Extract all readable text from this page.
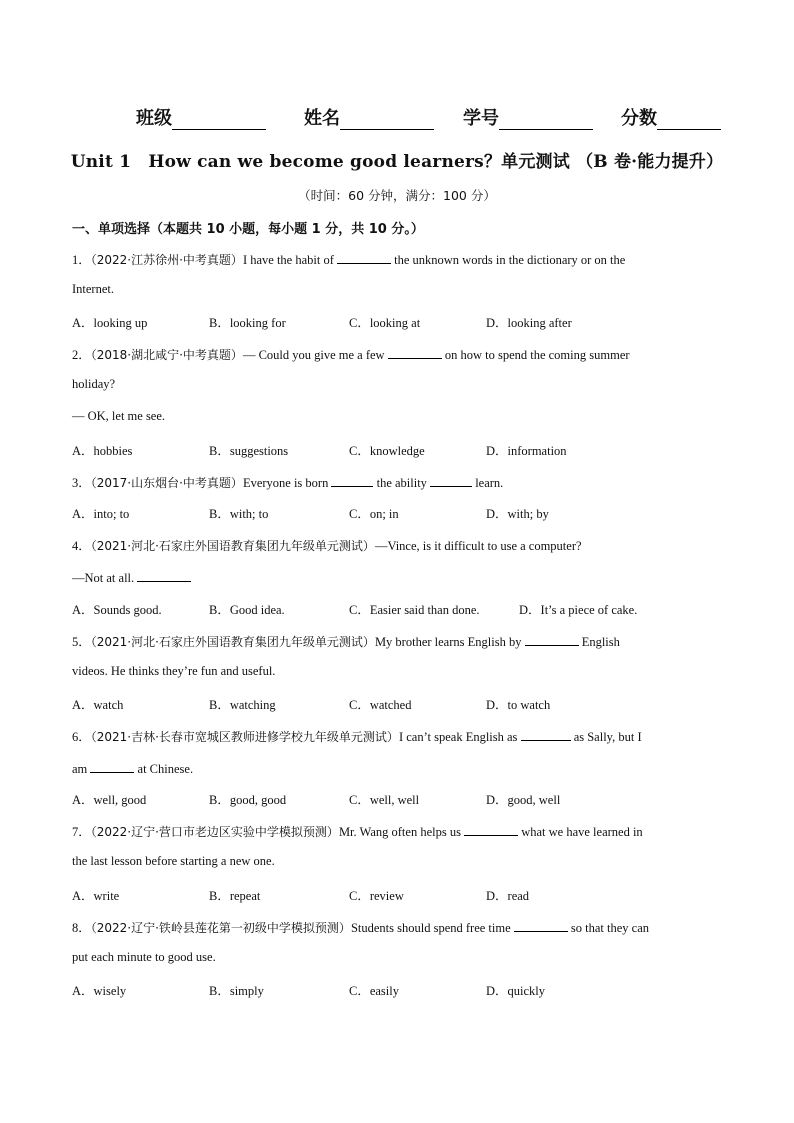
班级	姓名	学号	分数
Unit 1　How can we become good learners？单元测试 （B 卷·能力提升）
（时间：60 分钟，满分：100 分）
一、单项选择（本题共 10 小题，每小题 1 分，共 10 分。）
1．（2022·江苏徐州·中考真题）I have the habit of	the unknown words in the dictionary or on the
Internet.
A．looking up	B．looking for	C．looking at	D．looking after
2．（2018·湖北咸宁·中考真题）— Could you give me a few	on how to spend the coming summer
holiday?
— OK, let me see.
A．hobbies	B．suggestions	C．knowledge	D．information
3．（2017·山东烟台·中考真题）Everyone is born	the ability	learn.
A．into; to	B．with; to	C．on; in	D．with; by
4．（2021·河北·石家庄外国语教育集团九年级单元测试）—Vince, is it difficult to use a computer?
—Not at all.
A．Sounds good.	B．Good idea.	C．Easier said than done.	D．It’s a piece of cake.
5．（2021·河北·石家庄外国语教育集团九年级单元测试）My brother learns English by	English
videos. He thinks they’re fun and useful.
A．watch	B．watching	C．watched	D．to watch
6．（2021·吉林·长春市宽城区教师进修学校九年级单元测试）I can’t speak English as	as Sally, but I
am	at Chinese.
A．well, good	B．good, good	C．well, well	D．good, well
7．（2022·辽宁·营口市老边区实验中学模拟预测）Mr. Wang often helps us	what we have learned in
the last lesson before starting a new one.
A．write	B．repeat	C．review	D．read
8．（2022·辽宁·铁岭县莲花第一初级中学模拟预测）Students should spend free time	so that they can
put each minute to good use.
A．wisely	B．simply	C．easily	D．quickly
